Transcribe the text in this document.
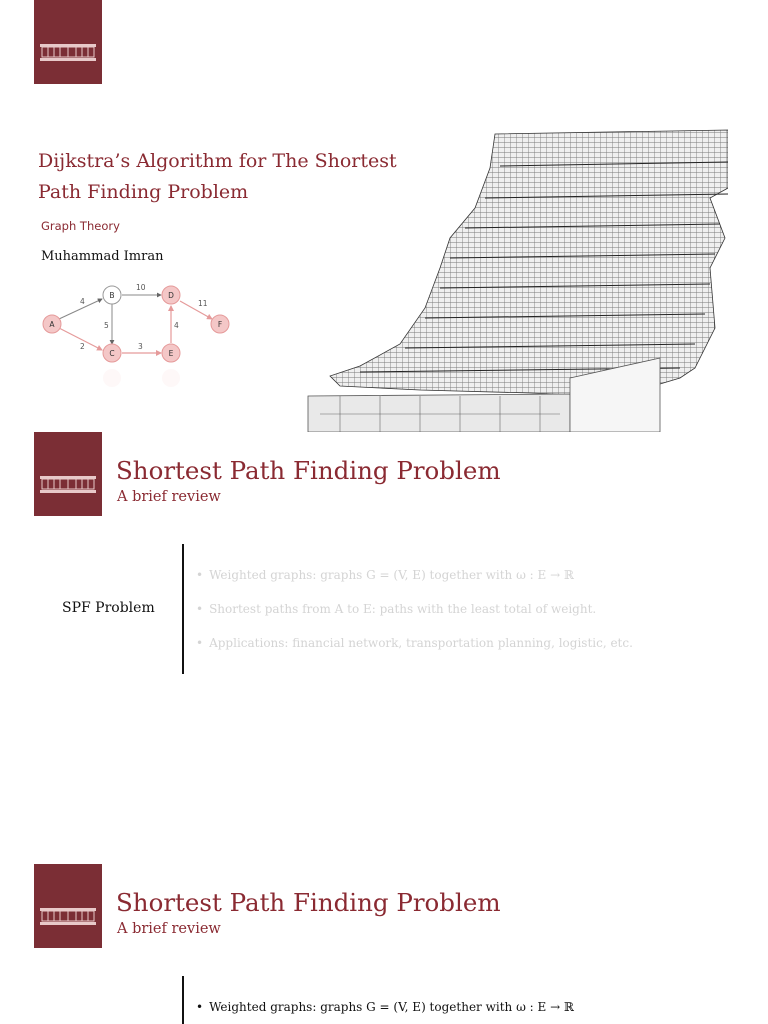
Dijkstra’s Algorithm for The Shortest
Path Finding Problem
Graph Theory
Muhammad Imran
4
2
5
10
3
4
11
A
B
C
D
E
F
Shortest Path Finding Problem
A brief review
SPF Problem
• Weighted graphs: graphs G = (V, E) together with ω : E → ℝ
• Shortest paths from A to E: paths with the least total of weight.
• Applications: financial network, transportation planning, logistic, etc.
Shortest Path Finding Problem
A brief review
• Weighted graphs: graphs G = (V, E) together with ω : E → ℝ
